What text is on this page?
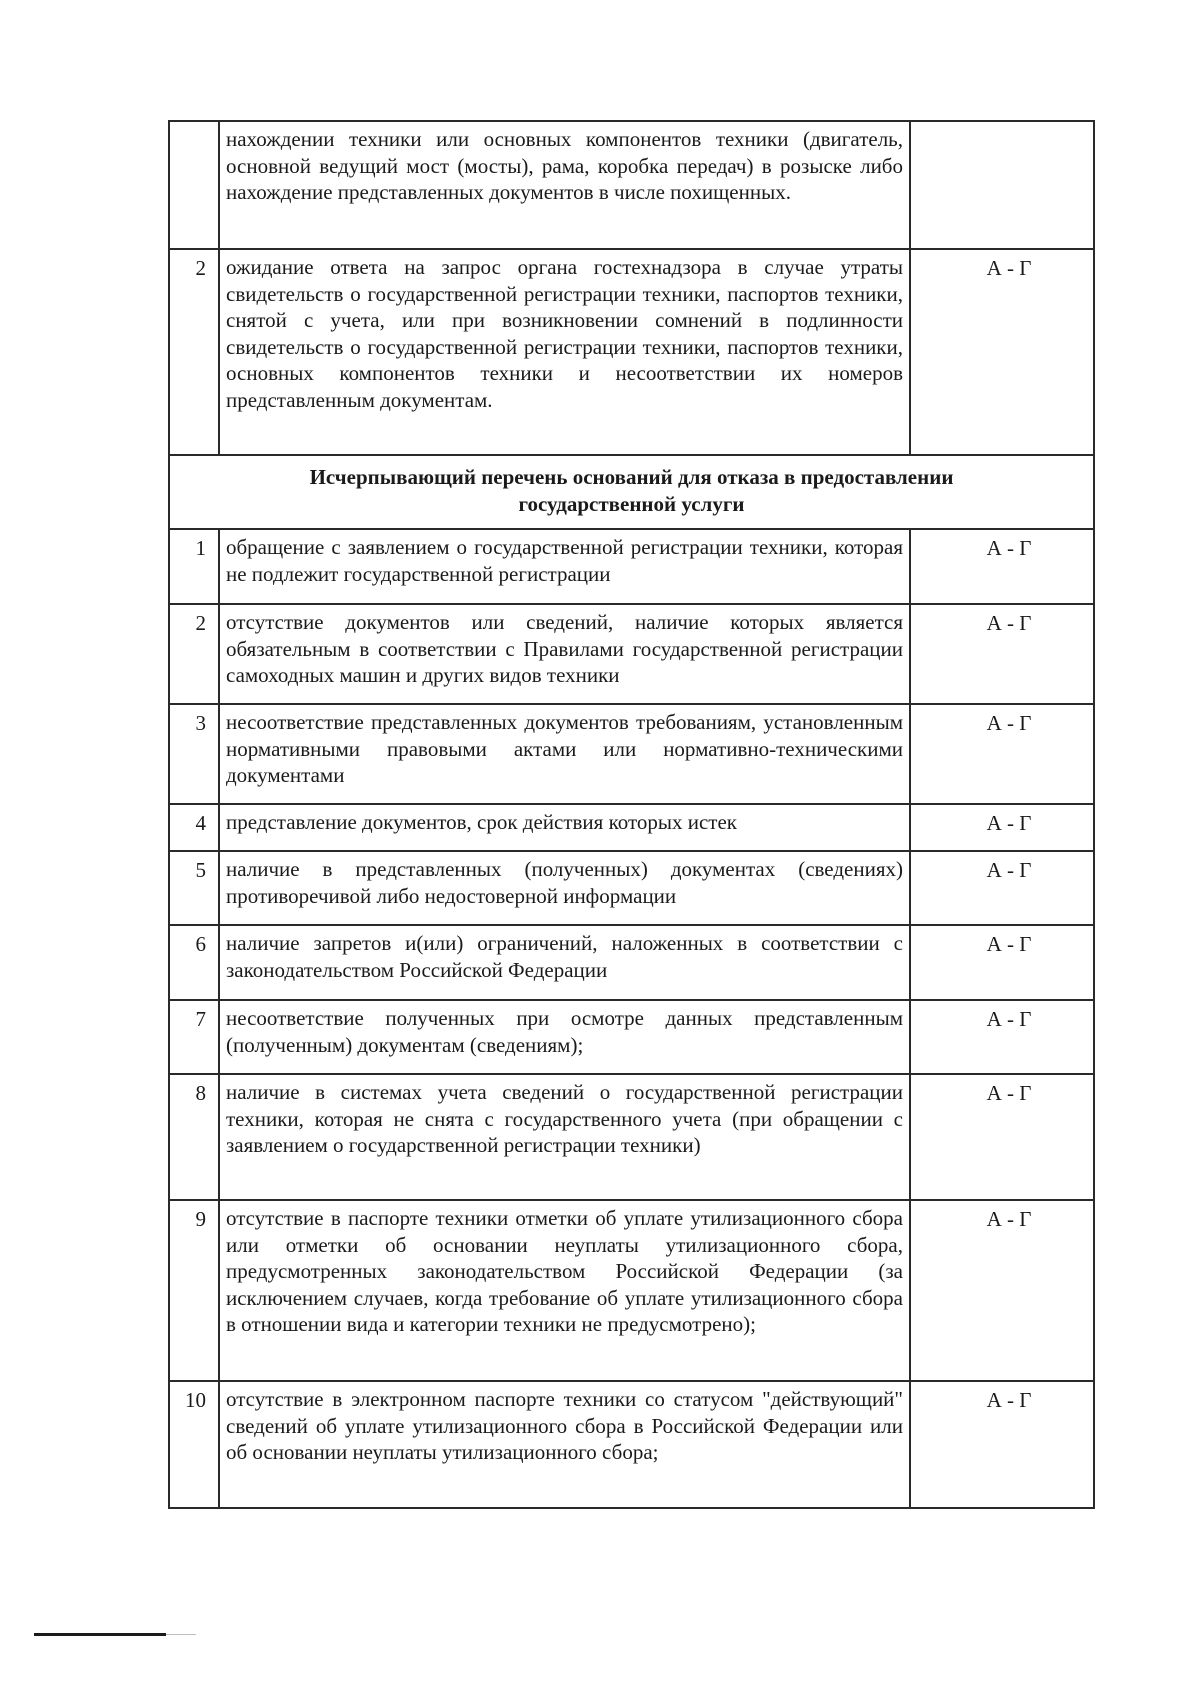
	нахождении техники или основных компонентов техники (двигатель, основной ведущий мост (мосты), рама, коробка передач) в розыске либо нахождение представленных документов в числе похищенных.	
2	ожидание ответа на запрос органа гостехнадзора в случае утраты свидетельств о государственной регистрации техники, паспортов техники, снятой с учета, или при возникновении сомнений в подлинности свидетельств о государственной регистрации техники, паспортов техники, основных компонентов техники и несоответствии их номеров представленным документам.	А - Г

Исчерпывающий перечень оснований для отказа в предоставлении
государственной услуги		

1	обращение с заявлением о государственной регистрации техники, которая не подлежит государственной регистрации	А - Г
2	отсутствие документов или сведений, наличие которых является обязательным в соответствии с Правилами государственной регистрации самоходных машин и других видов техники	А - Г
3	несоответствие представленных документов требованиям, установленным нормативными правовыми актами или нормативно-техническими документами	А - Г
4	представление документов, срок действия которых истек	А - Г
5	наличие в представленных (полученных) документах (сведениях) противоречивой либо недостоверной информации	А - Г
6	наличие запретов и(или) ограничений, наложенных в соответствии с законодательством Российской Федерации	А - Г
7	несоответствие полученных при осмотре данных представленным (полученным) документам (сведениям);	А - Г
8	наличие в системах учета сведений о государственной регистрации техники, которая не снята с государственного учета (при обращении с заявлением о государственной регистрации техники)	А - Г
9	отсутствие в паспорте техники отметки об уплате утилизационного сбора или отметки об основании неуплаты утилизационного сбора, предусмотренных законодательством Российской Федерации (за исключением случаев, когда требование об уплате утилизационного сбора в отношении вида и категории техники не предусмотрено);	А - Г
10	отсутствие в электронном паспорте техники со статусом "действующий" сведений об уплате утилизационного сбора в Российской Федерации или об основании неуплаты утилизационного сбора;	А - Г
